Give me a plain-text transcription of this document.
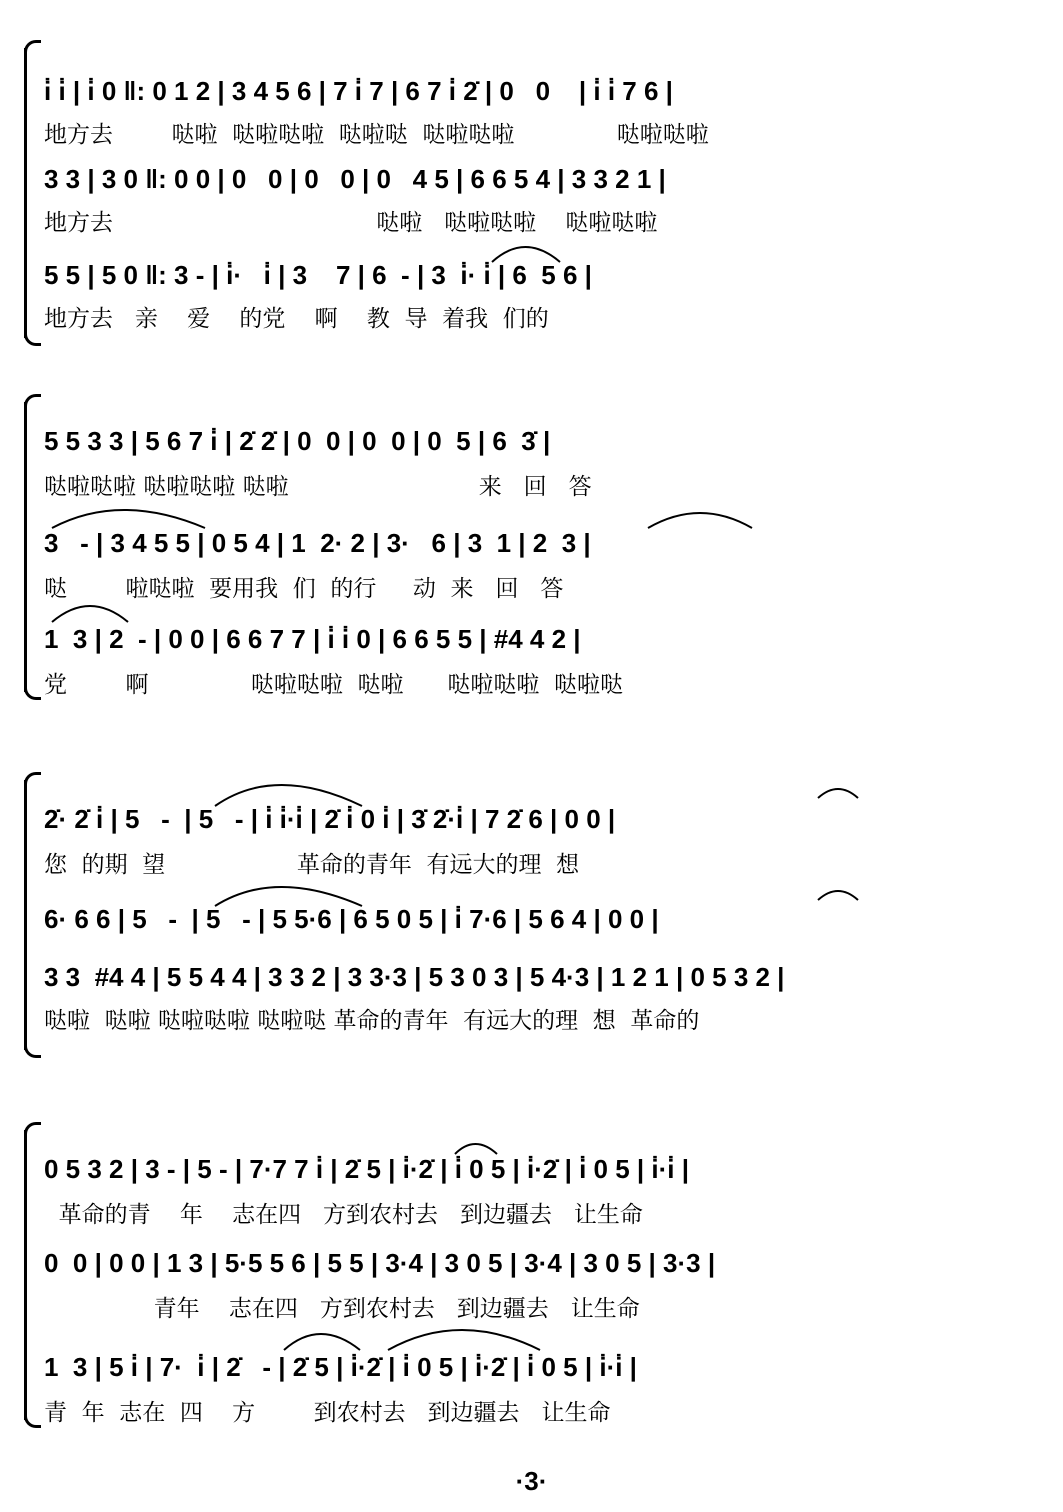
i̇ i̇ | i̇ 0 ‖: 0 1 2 | 3 4 5 6 | 7 i̇ 7 | 6 7 i̇ 2̇ | 0   0    | i̇ i̇ 7 6 |
地方去        哒啦  哒啦哒啦  哒啦哒  哒啦哒啦              哒啦哒啦
3 3 | 3 0 ‖: 0 0 | 0   0 | 0   0 | 0   4 5 | 6 6 5 4 | 3 3 2 1 |
地方去                                    哒啦   哒啦哒啦    哒啦哒啦
5 5 | 5 0 ‖: 3 - | i̇·   i̇ | 3    7 | 6  - | 3  i̇· i̇ | 6  5 6 |
地方去   亲    爱    的党    啊    教  导  着我  们的
5 5 3 3 | 5 6 7 i̇ | 2̇ 2̇ | 0  0 | 0  0 | 0  5 | 6  3̇ |
哒啦哒啦 哒啦哒啦 哒啦                          来   回   答
3   - | 3 4 5 5 | 0 5 4 | 1  2· 2 | 3·   6 | 3  1 | 2  3 |
哒        啦哒啦  要用我  们  的行     动  来   回   答
1  3 | 2  - | 0 0 | 6 6 7 7 | i̇ i̇ 0 | 6 6 5 5 | #4 4 2 |
党        啊              哒啦哒啦  哒啦      哒啦哒啦  哒啦哒
2̇· 2̇ i̇ | 5   -  | 5   - | i̇ i̇·i̇ | 2̇ i̇ 0 i̇ | 3̇ 2̇·i̇ | 7 2̇ 6 | 0 0 |
您  的期  望                  革命的青年  有远大的理  想
6· 6 6 | 5   -  | 5   - | 5 5·6 | 6 5 0 5 | i̇ 7·6 | 5 6 4 | 0 0 |
3 3  #4 4 | 5 5 4 4 | 3 3 2 | 3 3·3 | 5 3 0 3 | 5 4·3 | 1 2 1 | 0 5 3 2 |
哒啦  哒啦 哒啦哒啦 哒啦哒 革命的青年  有远大的理  想  革命的
0 5 3 2 | 3 - | 5 - | 7·7 7 i̇ | 2̇ 5 | i̇·2̇ | i̇ 0 5 | i̇·2̇ | i̇ 0 5 | i̇·i̇ |
革命的青    年    志在四   方到农村去   到边疆去   让生命
0  0 | 0 0 | 1 3 | 5·5 5 6 | 5 5 | 3·4 | 3 0 5 | 3·4 | 3 0 5 | 3·3 |
青年    志在四   方到农村去   到边疆去   让生命
1  3 | 5 i̇ | 7·  i̇ | 2̇   - | 2̇ 5 | i̇·2̇ | i̇ 0 5 | i̇·2̇ | i̇ 0 5 | i̇·i̇ |
青  年  志在  四    方        到农村去   到边疆去   让生命
·3·
